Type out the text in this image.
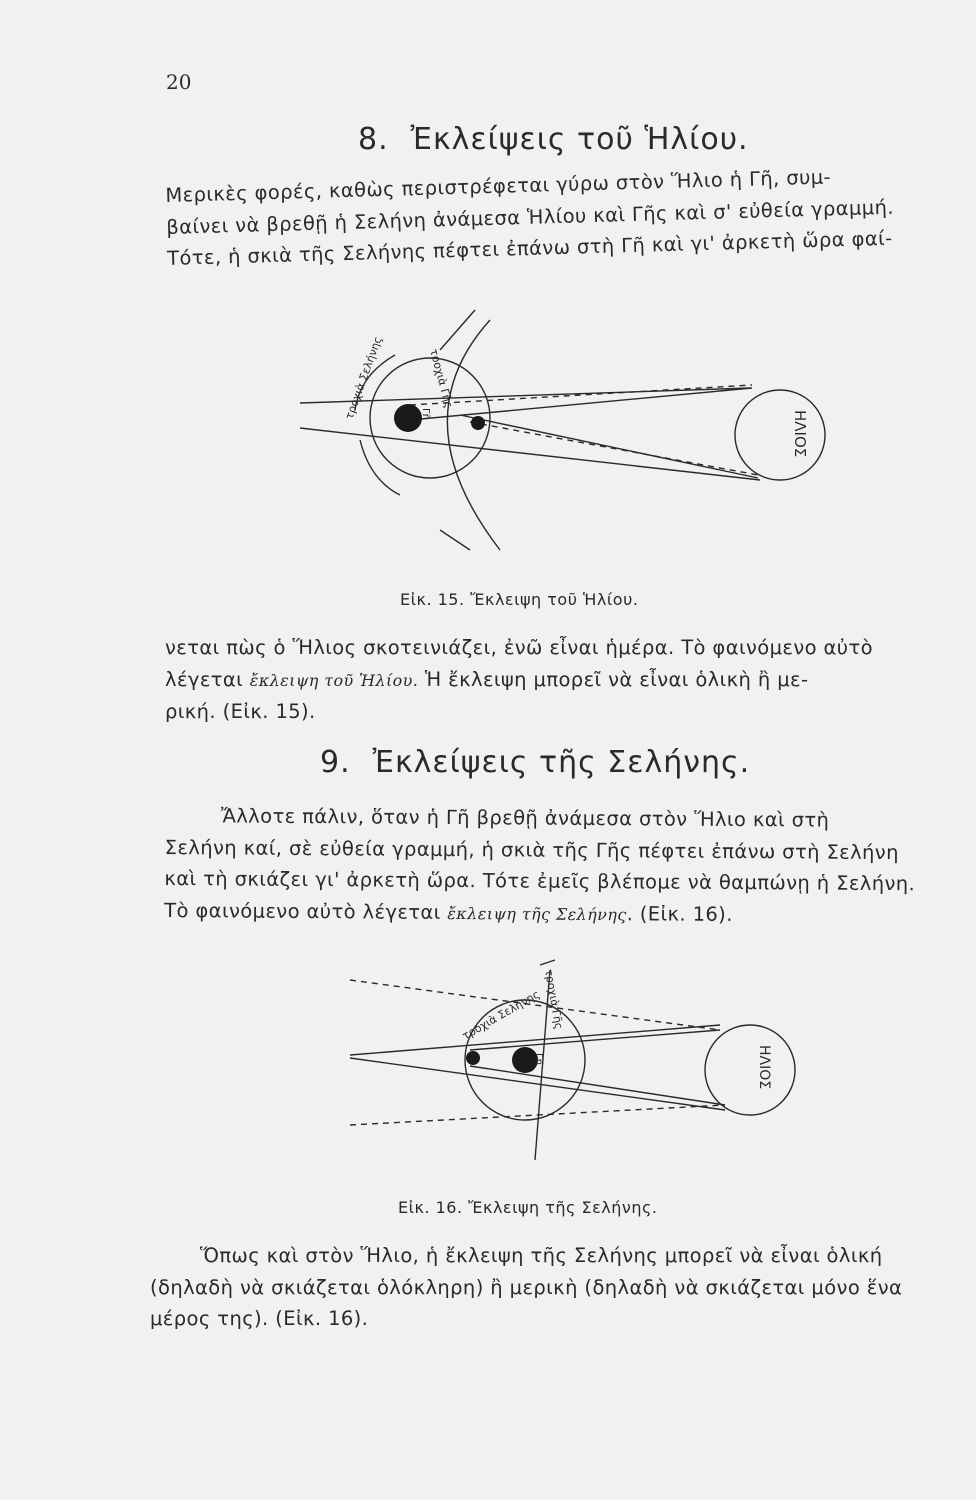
20
8. Ἐκλείψεις τοῦ Ἡλίου.
Μερικὲς φορές, καθὼς περιστρέφεται γύρω στὸν Ἥλιο ἡ Γῆ, συμ-
βαίνει νὰ βρεθῇ ἡ Σελήνη ἀνάμεσα Ἡλίου καὶ Γῆς καὶ σ' εὐθεία γραμμή.
Τότε, ἡ σκιὰ τῆς Σελήνης πέφτει ἐπάνω στὴ Γῆ καὶ γι' ἀρκετὴ ὥρα φαί-
ΗΛΙΟΣ
Γῆ
τροχιὰ Σελήνης	τροχιὰ Γῆς
Εἰκ. 15. Ἔκλειψη τοῦ Ἡλίου.
νεται πὼς ὁ Ἥλιος σκοτεινιάζει, ἐνῶ εἶναι ἡμέρα. Τὸ φαινόμενο αὐτὸ
λέγεται ἔκλειψη τοῦ Ἡλίου. Ἡ ἔκλειψη μπορεῖ νὰ εἶναι ὁλικὴ ἢ με-
ρική. (Εἰκ. 15).
9. Ἐκλείψεις τῆς Σελήνης.
Ἄλλοτε πάλιν, ὅταν ἡ Γῆ βρεθῇ ἀνάμεσα στὸν Ἥλιο καὶ στὴ
Σελήνη καί, σὲ εὐθεία γραμμή, ἡ σκιὰ τῆς Γῆς πέφτει ἐπάνω στὴ Σελήνη
καὶ τὴ σκιάζει γι' ἀρκετὴ ὥρα. Τότε ἐμεῖς βλέπομε νὰ θαμπώνῃ ἡ Σελήνη.
Τὸ φαινόμενο αὐτὸ λέγεται ἔκλειψη τῆς Σελήνης. (Εἰκ. 16).
ΗΛΙΟΣ
Γῆ
τροχιὰ Σελήνης τροχιὰ Γῆς
Εἰκ. 16. Ἔκλειψη τῆς Σελήνης.
Ὅπως καὶ στὸν Ἥλιο, ἡ ἔκλειψη τῆς Σελήνης μπορεῖ νὰ εἶναι ὁλική
(δηλαδὴ νὰ σκιάζεται ὁλόκληρη) ἢ μερικὴ (δηλαδὴ νὰ σκιάζεται μόνο ἕνα
μέρος της). (Εἰκ. 16).
